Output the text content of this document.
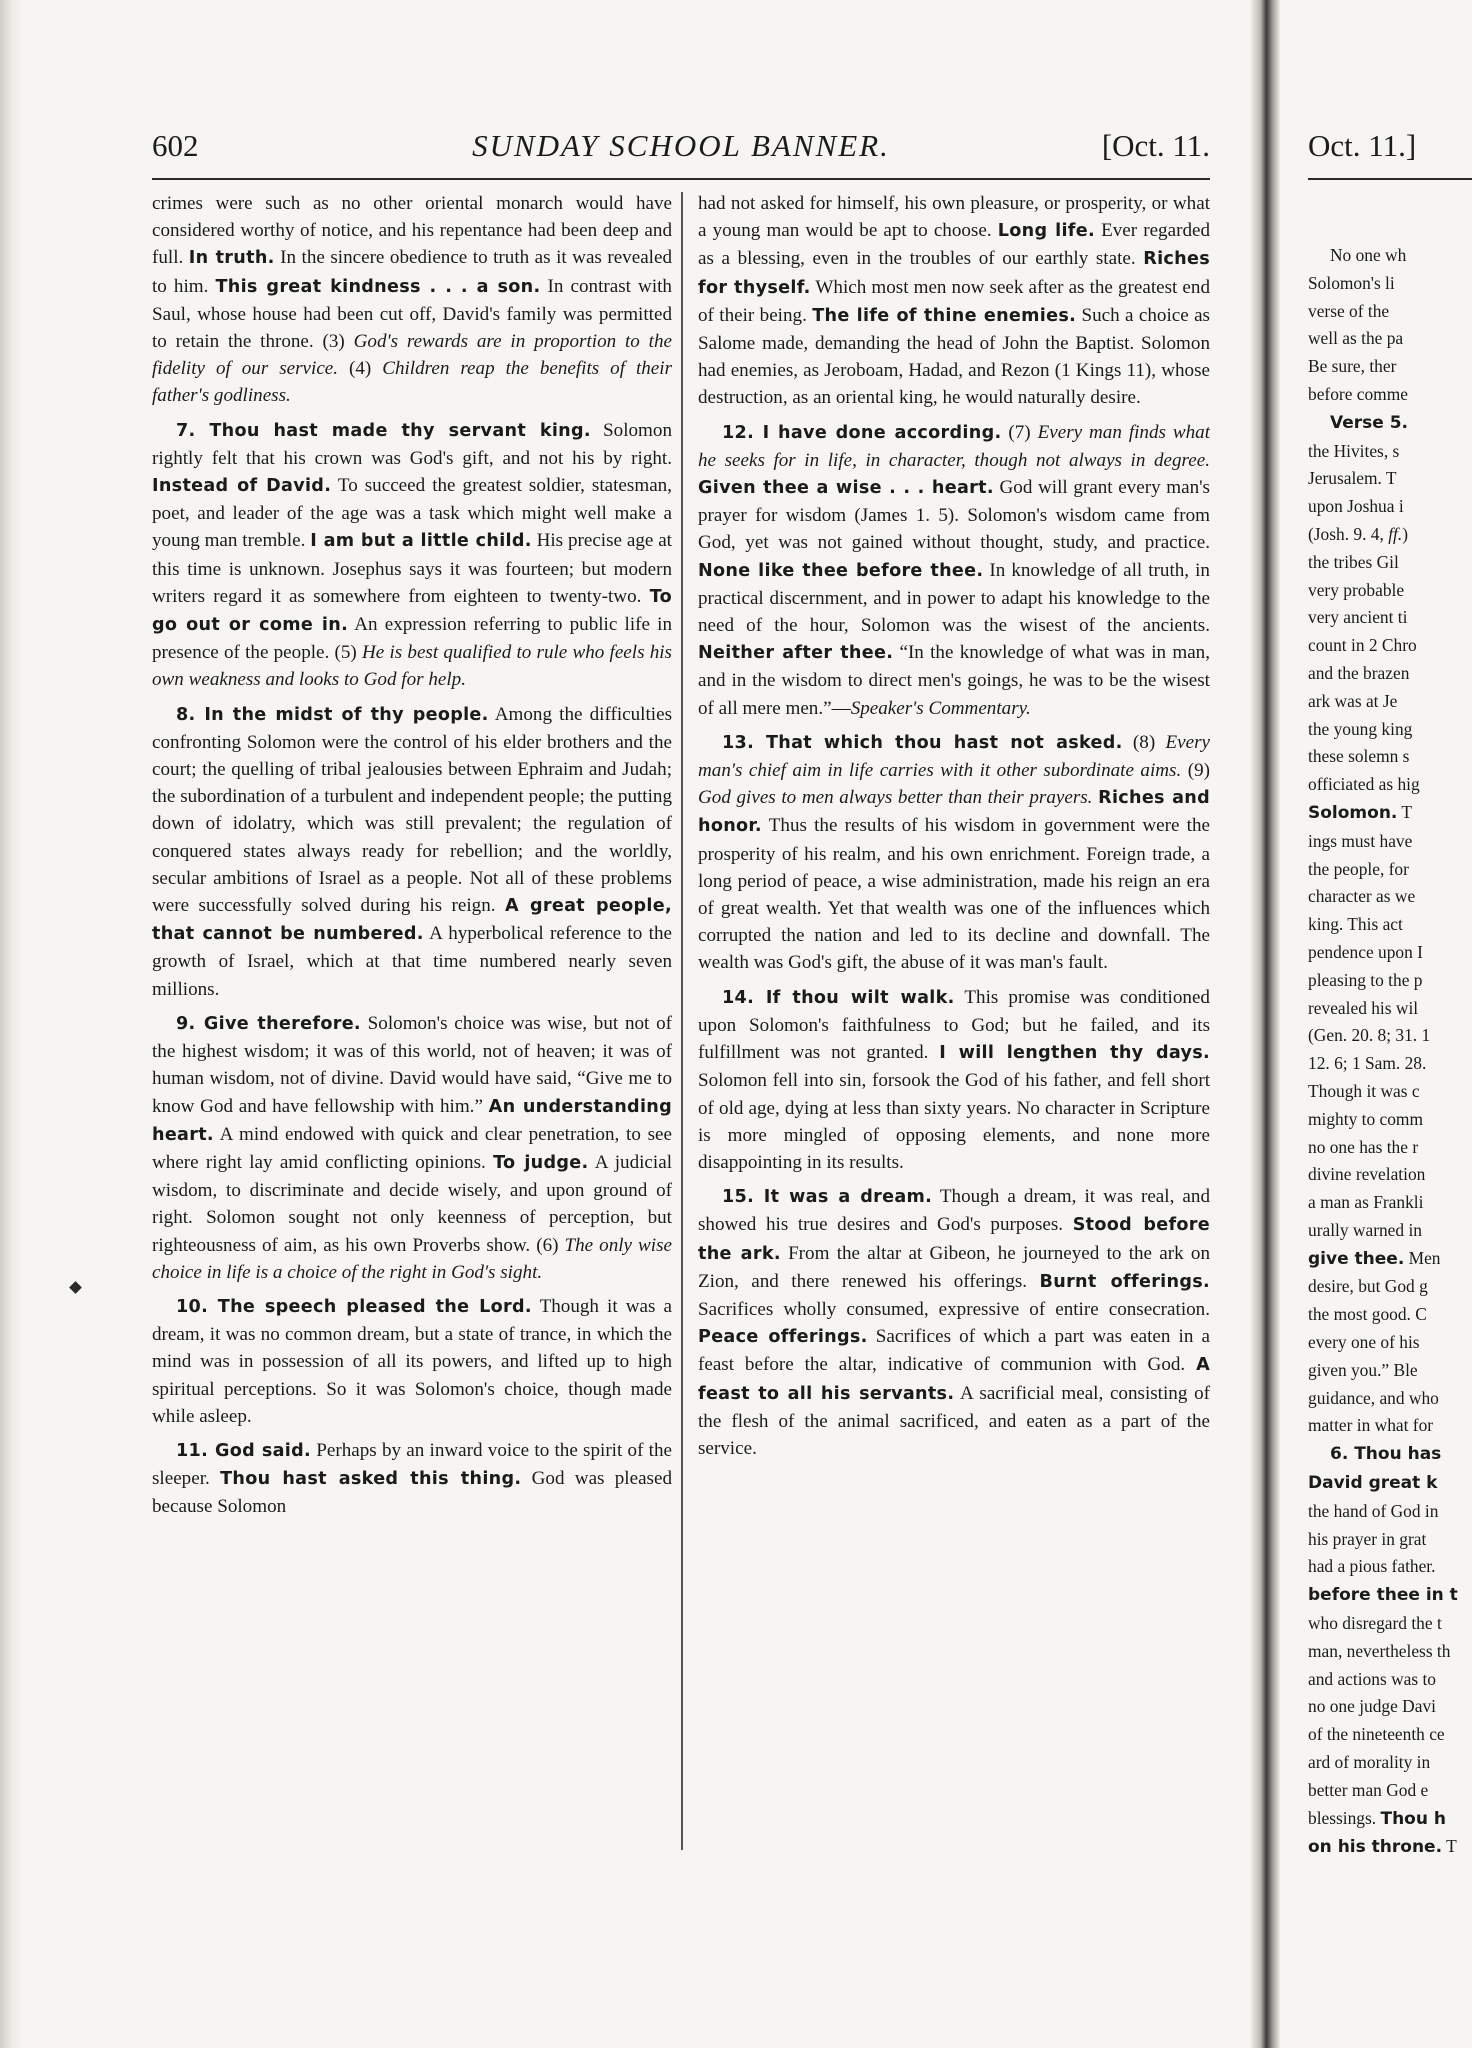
602	SUNDAY SCHOOL BANNER.	[Oct. 11.

crimes were such as no other oriental monarch would have considered worthy of notice, and his repentance had been deep and full. In truth. In the sincere obedience to truth as it was revealed to him. This great kindness . . . a son. In contrast with Saul, whose house had been cut off, David's family was permitted to retain the throne. (3) God's rewards are in proportion to the fidelity of our service. (4) Children reap the benefits of their father's godliness.

7. Thou hast made thy servant king. Solomon rightly felt that his crown was God's gift, and not his by right. Instead of David. To succeed the greatest soldier, statesman, poet, and leader of the age was a task which might well make a young man tremble. I am but a little child. His precise age at this time is unknown. Josephus says it was fourteen; but modern writers regard it as somewhere from eighteen to twenty-two. To go out or come in. An expression referring to public life in presence of the people. (5) He is best qualified to rule who feels his own weakness and looks to God for help.

8. In the midst of thy people. Among the difficulties confronting Solomon were the control of his elder brothers and the court; the quelling of tribal jealousies between Ephraim and Judah; the subordination of a turbulent and independent people; the putting down of idolatry, which was still prevalent; the regulation of conquered states always ready for rebellion; and the worldly, secular ambitions of Israel as a people. Not all of these problems were successfully solved during his reign. A great people, that cannot be numbered. A hyperbolical reference to the growth of Israel, which at that time numbered nearly seven millions.

9. Give therefore. Solomon's choice was wise, but not of the highest wisdom; it was of this world, not of heaven; it was of human wisdom, not of divine. David would have said, “Give me to know God and have fellowship with him.” An understanding heart. A mind endowed with quick and clear penetration, to see where right lay amid conflicting opinions. To judge. A judicial wisdom, to discriminate and decide wisely, and upon ground of right. Solomon sought not only keenness of perception, but righteousness of aim, as his own Proverbs show. (6) The only wise choice in life is a choice of the right in God's sight.

10. The speech pleased the Lord. Though it was a dream, it was no common dream, but a state of trance, in which the mind was in possession of all its powers, and lifted up to high spiritual perceptions. So it was Solomon's choice, though made while asleep.

11. God said. Perhaps by an inward voice to the spirit of the sleeper. Thou hast asked this thing. God was pleased because Solomon

had not asked for himself, his own pleasure, or prosperity, or what a young man would be apt to choose. Long life. Ever regarded as a blessing, even in the troubles of our earthly state. Riches for thyself. Which most men now seek after as the greatest end of their being. The life of thine enemies. Such a choice as Salome made, demanding the head of John the Baptist. Solomon had enemies, as Jeroboam, Hadad, and Rezon (1 Kings 11), whose destruction, as an oriental king, he would naturally desire.

12. I have done according. (7) Every man finds what he seeks for in life, in character, though not always in degree. Given thee a wise . . . heart. God will grant every man's prayer for wisdom (James 1. 5). Solomon's wisdom came from God, yet was not gained without thought, study, and practice. None like thee before thee. In knowledge of all truth, in practical discernment, and in power to adapt his knowledge to the need of the hour, Solomon was the wisest of the ancients. Neither after thee. “In the knowledge of what was in man, and in the wisdom to direct men's goings, he was to be the wisest of all mere men.”—Speaker's Commentary.

13. That which thou hast not asked. (8) Every man's chief aim in life carries with it other subordinate aims. (9) God gives to men always better than their prayers. Riches and honor. Thus the results of his wisdom in government were the prosperity of his realm, and his own enrichment. Foreign trade, a long period of peace, a wise administration, made his reign an era of great wealth. Yet that wealth was one of the influences which corrupted the nation and led to its decline and downfall. The wealth was God's gift, the abuse of it was man's fault.

14. If thou wilt walk. This promise was conditioned upon Solomon's faithfulness to God; but he failed, and its fulfillment was not granted. I will lengthen thy days. Solomon fell into sin, forsook the God of his father, and fell short of old age, dying at less than sixty years. No character in Scripture is more mingled of opposing elements, and none more disappointing in its results.

15. It was a dream. Though a dream, it was real, and showed his true desires and God's purposes. Stood before the ark. From the altar at Gibeon, he journeyed to the ark on Zion, and there renewed his offerings. Burnt offerings. Sacrifices wholly consumed, expressive of entire consecration. Peace offerings. Sacrifices of which a part was eaten in a feast before the altar, indicative of communion with God. A feast to all his servants. A sacrificial meal, consisting of the flesh of the animal sacrificed, and eaten as a part of the service.

Oct. 11.]
No one wh
Solomon's li
verse of the
well as the pa
Be sure, ther
before comme
Verse 5.
the Hivites, s
Jerusalem. T
upon Joshua i
(Josh. 9. 4, ff.)
the tribes Gil
very probable
very ancient ti
count in 2 Chro
and the brazen
ark was at Je
the young king
these solemn s
officiated as hig
Solomon. T
ings must have
the people, for
character as we
king. This act
pendence upon I
pleasing to the p
revealed his wil
(Gen. 20. 8; 31. 1
12. 6; 1 Sam. 28.
Though it was c
mighty to comm
no one has the r
divine revelation
a man as Frankli
urally warned in
give thee. Men
desire, but God g
the most good. C
every one of his
given you.” Ble
guidance, and who
matter in what for
6. Thou has
David great k
the hand of God in
his prayer in grat
had a pious father.
before thee in t
who disregard the t
man, nevertheless th
and actions was to
no one judge Davi
of the nineteenth ce
ard of morality in
better man God e
blessings. Thou h
on his throne. T
